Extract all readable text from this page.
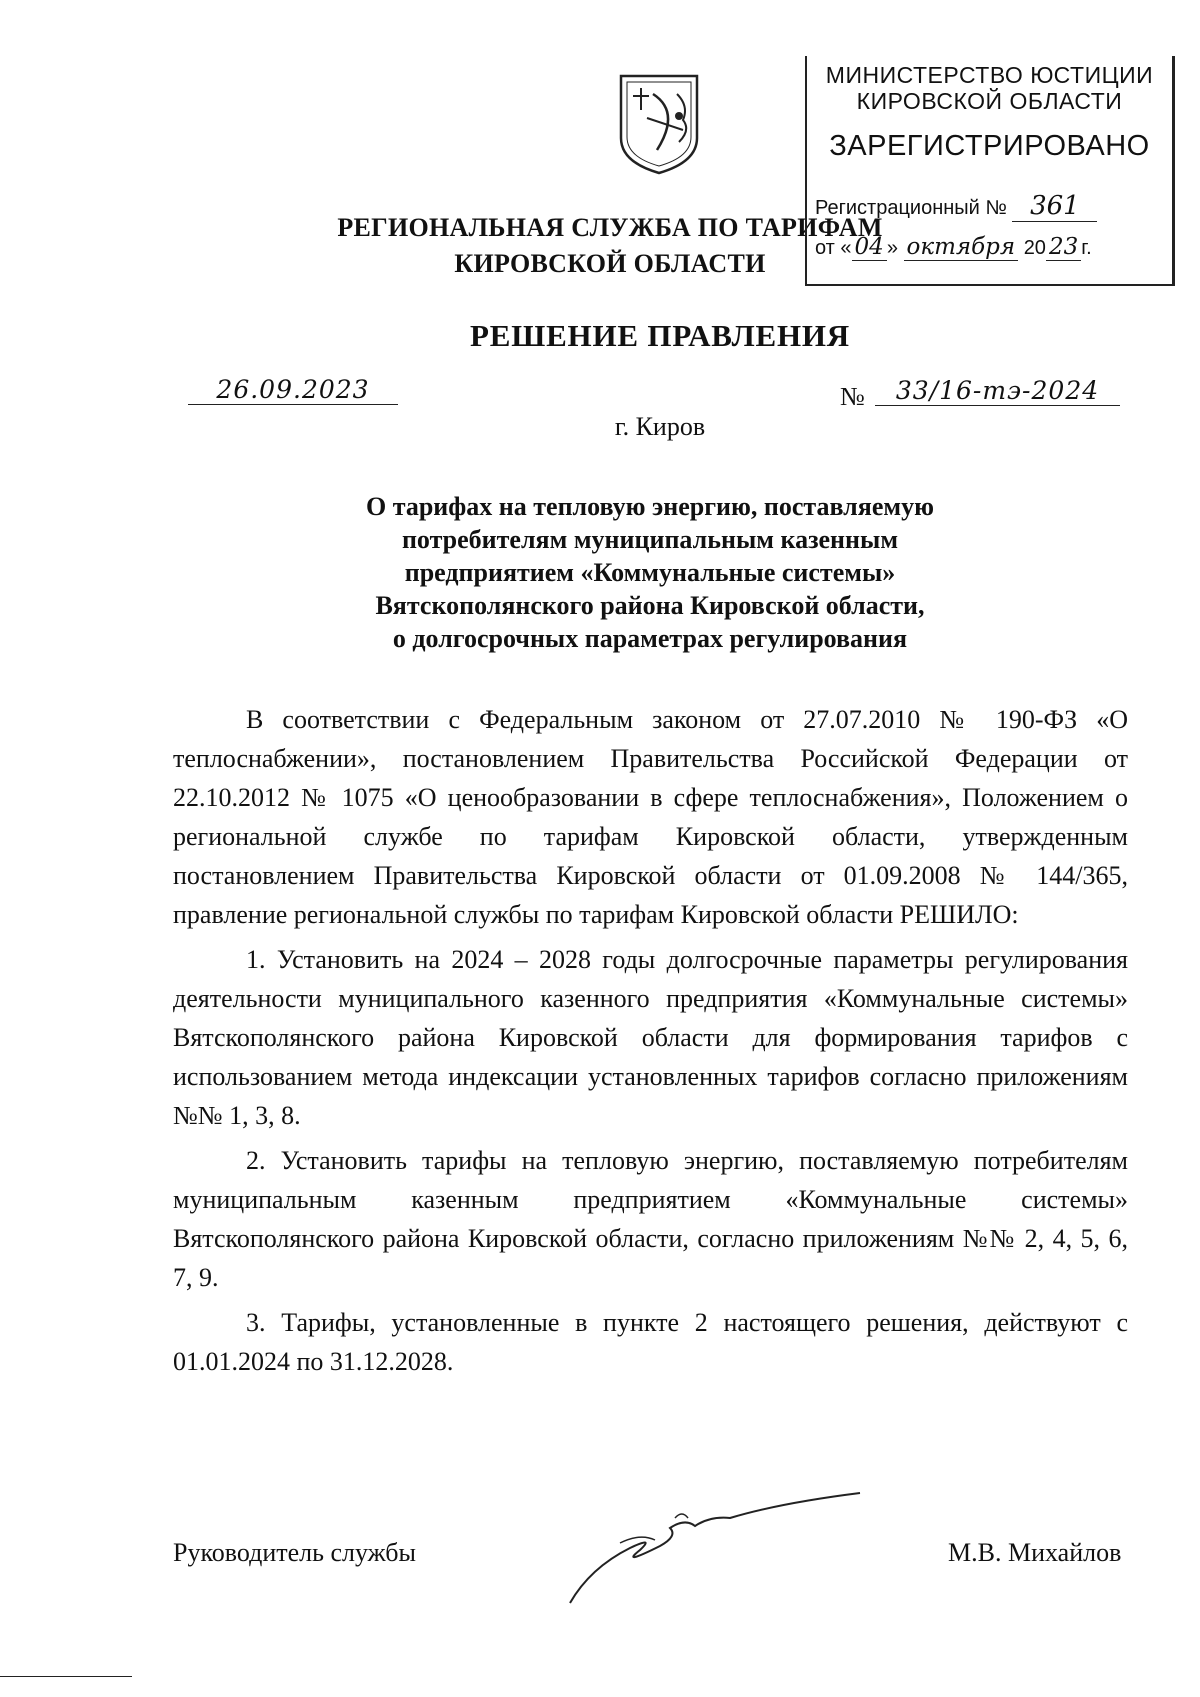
РЕГИОНАЛЬНАЯ СЛУЖБА ПО ТАРИФАМ
КИРОВСКОЙ ОБЛАСТИ
МИНИСТЕРСТВО ЮСТИЦИИ
КИРОВСКОЙ ОБЛАСТИ
ЗАРЕГИСТРИРОВАНО
Регистрационный № 361
от « 04 » октября 20 23 г.
РЕШЕНИЕ ПРАВЛЕНИЯ
26.09.2023	№	33/16-тэ-2024
г. Киров
О тарифах на тепловую энергию, поставляемую
потребителям муниципальным казенным
предприятием «Коммунальные системы»
Вятскополянского района Кировской области,
о долгосрочных параметрах регулирования

В соответствии с Федеральным законом от 27.07.2010 № 190-ФЗ «О теплоснабжении», постановлением Правительства Российской Федерации от 22.10.2012 № 1075 «О ценообразовании в сфере теплоснабжения», Положением о региональной службе по тарифам Кировской области, утвержденным постановлением Правительства Кировской области от 01.09.2008 № 144/365, правление региональной службы по тарифам Кировской области РЕШИЛО:

1. Установить на 2024 – 2028 годы долгосрочные параметры регулирования деятельности муниципального казенного предприятия «Коммунальные системы» Вятскополянского района Кировской области для формирования тарифов с использованием метода индексации установленных тарифов согласно приложениям №№ 1, 3, 8.

2. Установить тарифы на тепловую энергию, поставляемую потребителям муниципальным казенным предприятием «Коммунальные системы» Вятскополянского района Кировской области, согласно приложениям №№ 2, 4, 5, 6, 7, 9.

3. Тарифы, установленные в пункте 2 настоящего решения, действуют с 01.01.2024 по 31.12.2028.

Руководитель службы	М.В. Михайлов
